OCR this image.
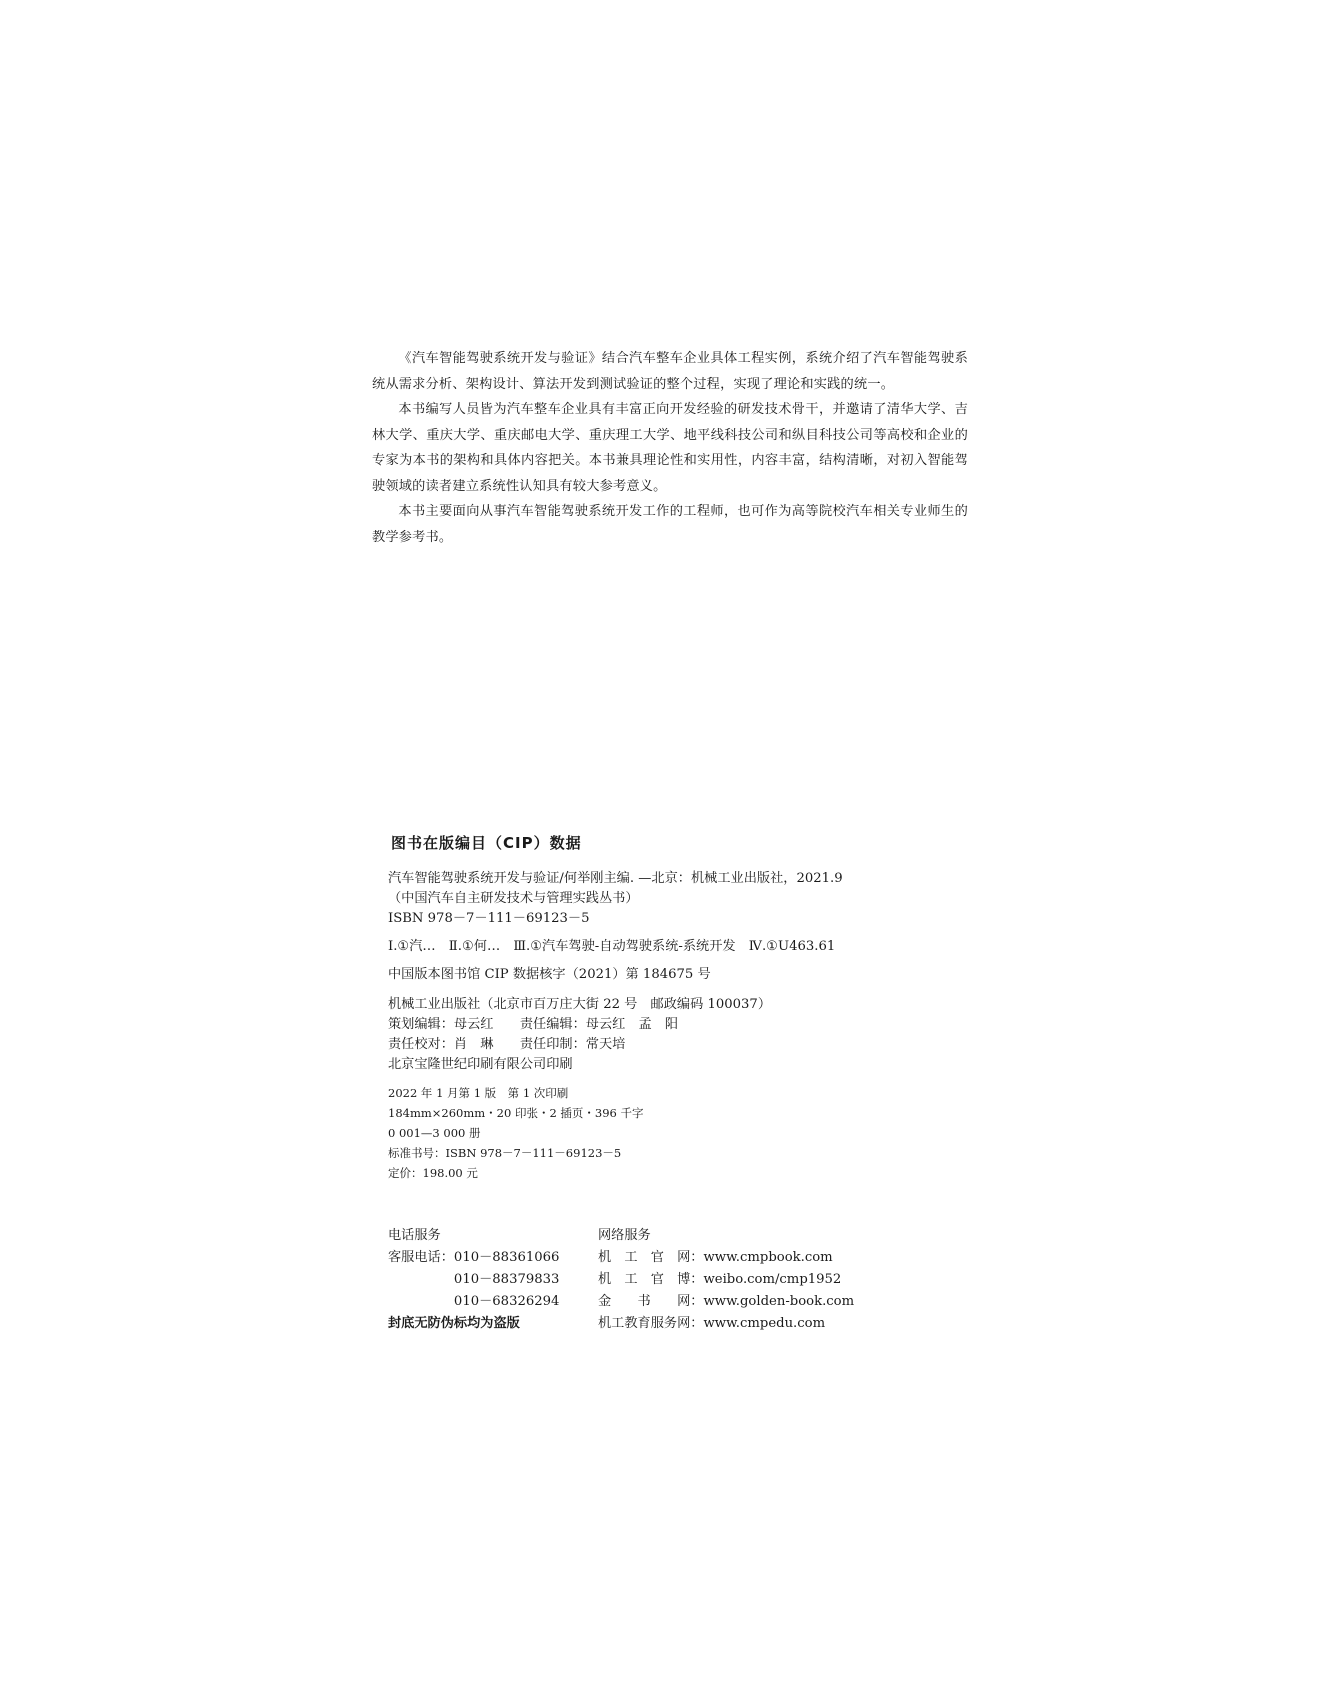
《汽车智能驾驶系统开发与验证》结合汽车整车企业具体工程实例，系统介绍了汽车智能驾驶系统从需求分析、架构设计、算法开发到测试验证的整个过程，实现了理论和实践的统一。

本书编写人员皆为汽车整车企业具有丰富正向开发经验的研发技术骨干，并邀请了清华大学、吉林大学、重庆大学、重庆邮电大学、重庆理工大学、地平线科技公司和纵目科技公司等高校和企业的专家为本书的架构和具体内容把关。本书兼具理论性和实用性，内容丰富，结构清晰，对初入智能驾驶领域的读者建立系统性认知具有较大参考意义。

本书主要面向从事汽车智能驾驶系统开发工作的工程师，也可作为高等院校汽车相关专业师生的教学参考书。

图书在版编目（CIP）数据
汽车智能驾驶系统开发与验证/何举刚主编. —北京：机械工业出版社，2021.9
（中国汽车自主研发技术与管理实践丛书）
ISBN 978－7－111－69123－5
Ⅰ.①汽…　Ⅱ.①何…　Ⅲ.①汽车驾驶-自动驾驶系统-系统开发　Ⅳ.①U463.61
中国版本图书馆 CIP 数据核字（2021）第 184675 号
机械工业出版社（北京市百万庄大街 22 号　邮政编码 100037）
策划编辑：母云红　　责任编辑：母云红　孟　阳
责任校对：肖　琳　　责任印制：常天培
北京宝隆世纪印刷有限公司印刷
2022 年 1 月第 1 版　第 1 次印刷
184mm×260mm・20 印张・2 插页・396 千字
0 001—3 000 册
标准书号：ISBN 978－7－111－69123－5
定价：198.00 元
电话服务	网络服务
客服电话：010－88361066	机　工　官　网：www.cmpbook.com
　　　　　010－88379833	机　工　官　博：weibo.com/cmp1952
　　　　　010－68326294	金　　书　　网：www.golden-book.com
封底无防伪标均为盗版	机工教育服务网：www.cmpedu.com
